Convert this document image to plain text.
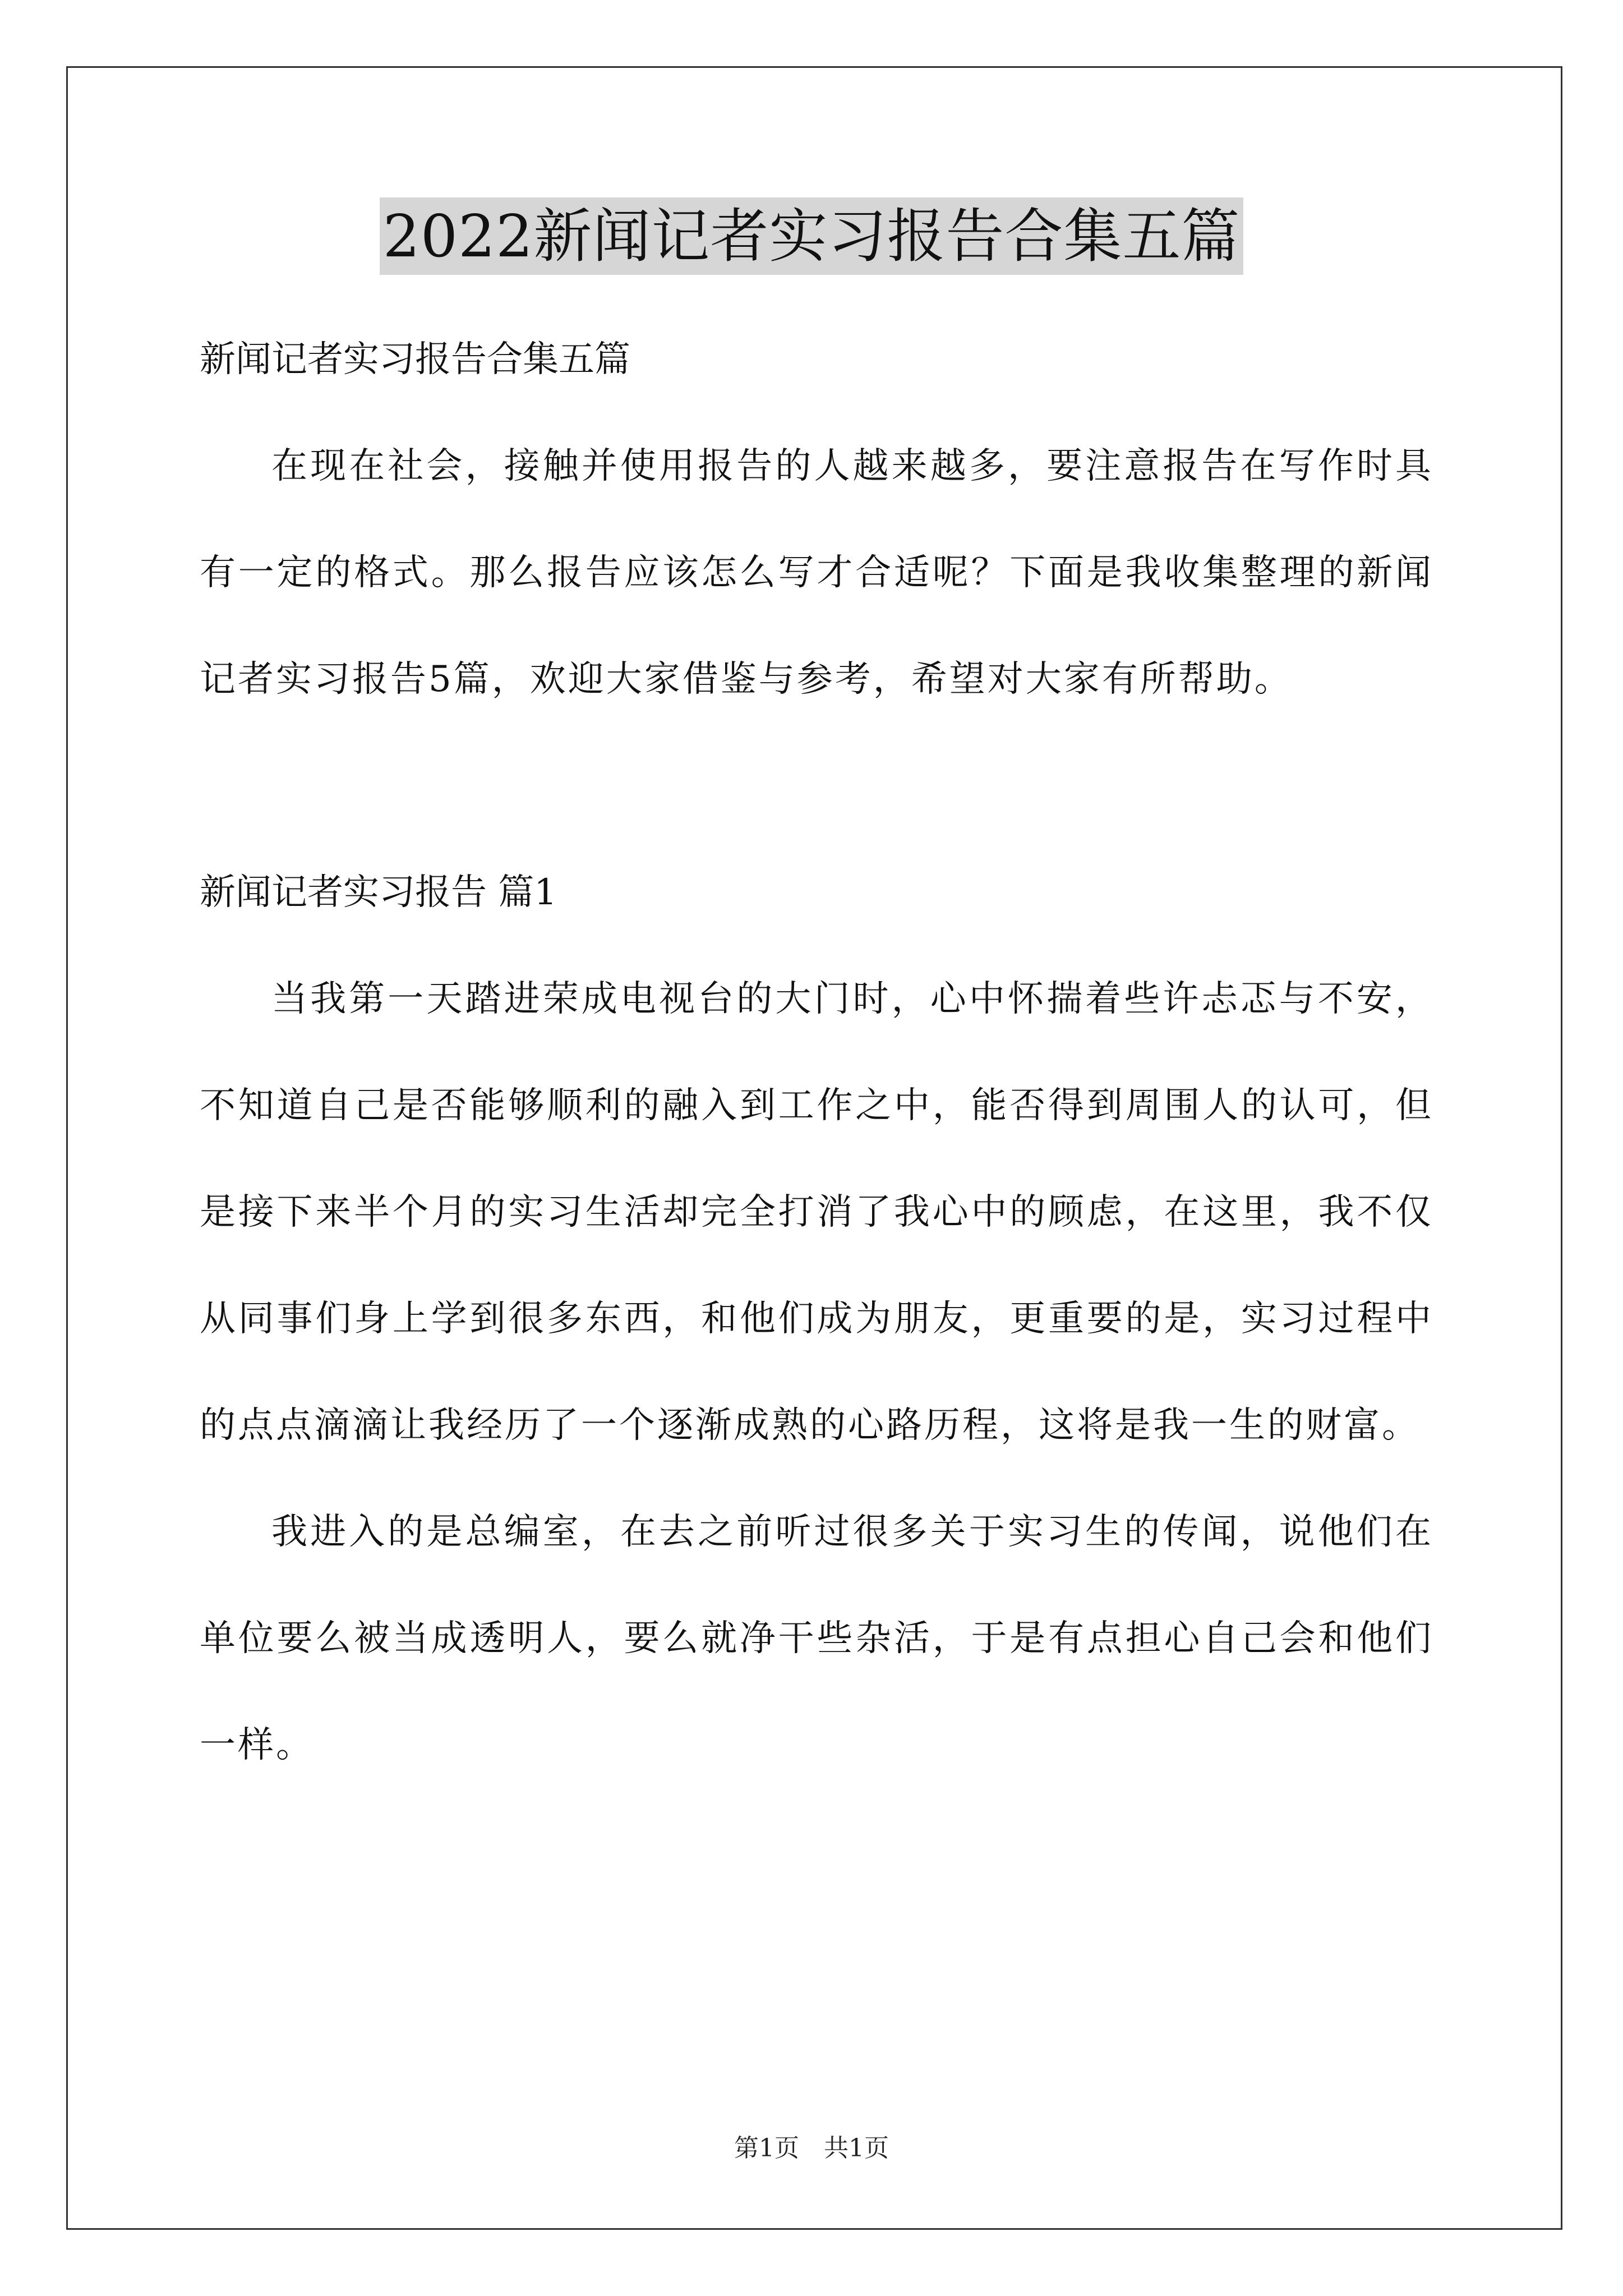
2022新闻记者实习报告合集五篇

新闻记者实习报告合集五篇

在现在社会，接触并使用报告的人越来越多，要注意报告在写作时具有一定的格式。那么报告应该怎么写才合适呢？下面是我收集整理的新闻记者实习报告5篇，欢迎大家借鉴与参考，希望对大家有所帮助。

新闻记者实习报告 篇1

当我第一天踏进荣成电视台的大门时，心中怀揣着些许忐忑与不安，不知道自己是否能够顺利的融入到工作之中，能否得到周围人的认可，但是接下来半个月的实习生活却完全打消了我心中的顾虑，在这里，我不仅从同事们身上学到很多东西，和他们成为朋友，更重要的是，实习过程中的点点滴滴让我经历了一个逐渐成熟的心路历程，这将是我一生的财富。

我进入的是总编室，在去之前听过很多关于实习生的传闻，说他们在单位要么被当成透明人，要么就净干些杂活，于是有点担心自己会和他们一样。

第1页 共1页
